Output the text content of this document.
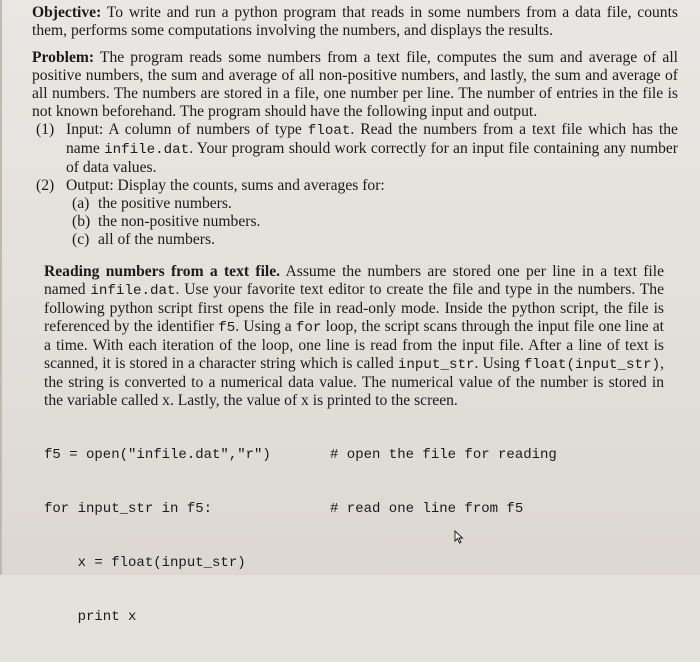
Objective: To write and run a python program that reads in some numbers from a data file, counts them, performs some computations involving the numbers, and displays the results.

Problem: The program reads some numbers from a text file, computes the sum and average of all positive numbers, the sum and average of all non-positive numbers, and lastly, the sum and average of all numbers. The numbers are stored in a file, one number per line. The number of entries in the file is not known beforehand. The program should have the following input and output.

(1) Input: A column of numbers of type float. Read the numbers from a text file which has the name infile.dat. Your program should work correctly for an input file containing any number of data values.
(2) Output: Display the counts, sums and averages for:
(a) the positive numbers.
(b) the non-positive numbers.
(c) all of the numbers.

Reading numbers from a text file. Assume the numbers are stored one per line in a text file named infile.dat. Use your favorite text editor to create the file and type in the numbers. The following python script first opens the file in read-only mode. Inside the python script, the file is referenced by the identifier f5. Using a for loop, the script scans through the input file one line at a time. With each iteration of the loop, one line is read from the input file. After a line of text is scanned, it is stored in a character string which is called input_str. Using float(input_str), the string is converted to a numerical data value. The numerical value of the number is stored in the variable called x. Lastly, the value of x is printed to the screen.

f5 = open("infile.dat","r")	# open the file for reading

for input_str in f5:	# read one line from f5

x = float(input_str)

print x
